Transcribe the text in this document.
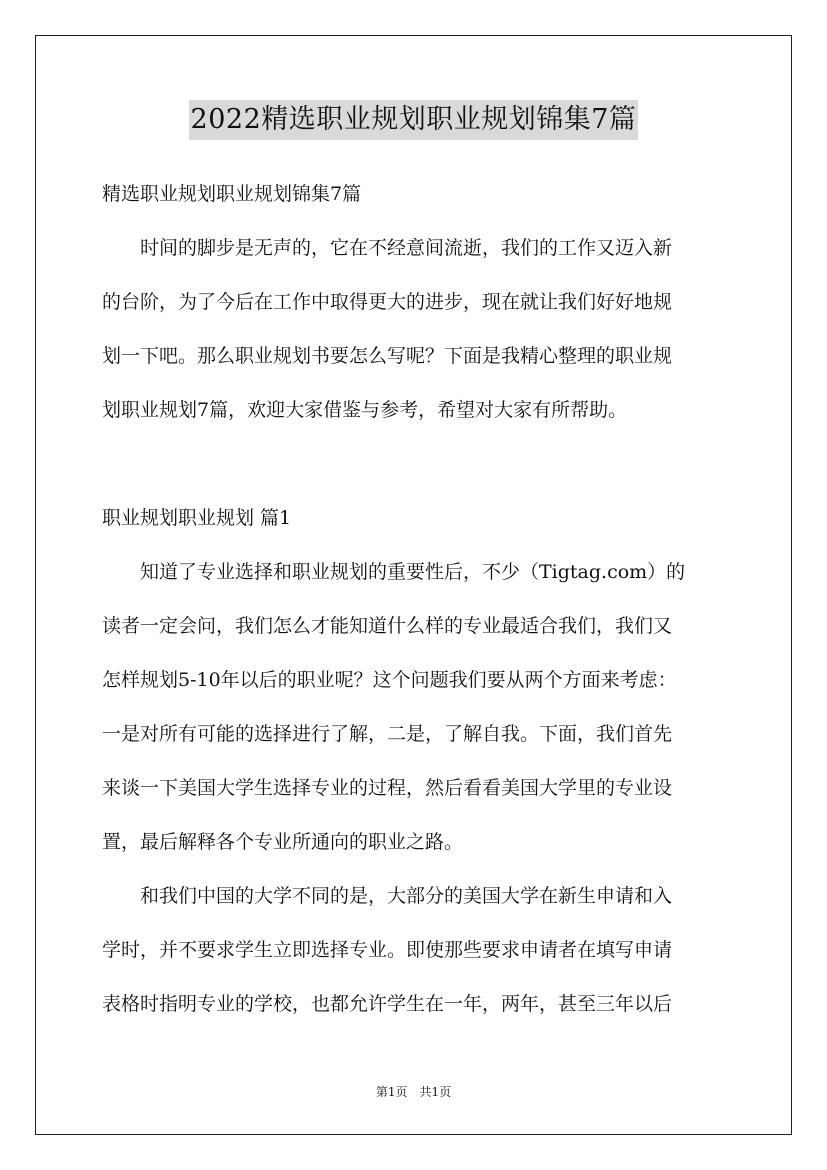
2022精选职业规划职业规划锦集7篇
精选职业规划职业规划锦集7篇
　　时间的脚步是无声的，它在不经意间流逝，我们的工作又迈入新
的台阶，为了今后在工作中取得更大的进步，现在就让我们好好地规
划一下吧。那么职业规划书要怎么写呢？下面是我精心整理的职业规
划职业规划7篇，欢迎大家借鉴与参考，希望对大家有所帮助。
职业规划职业规划 篇1
　　知道了专业选择和职业规划的重要性后，不少（Tigtag.com）的
读者一定会问，我们怎么才能知道什么样的专业最适合我们，我们又
怎样规划5-10年以后的职业呢？这个问题我们要从两个方面来考虑：
一是对所有可能的选择进行了解，二是，了解自我。下面，我们首先
来谈一下美国大学生选择专业的过程，然后看看美国大学里的专业设
置，最后解释各个专业所通向的职业之路。
　　和我们中国的大学不同的是，大部分的美国大学在新生申请和入
学时，并不要求学生立即选择专业。即使那些要求申请者在填写申请
表格时指明专业的学校，也都允许学生在一年，两年，甚至三年以后
第1页　共1页
